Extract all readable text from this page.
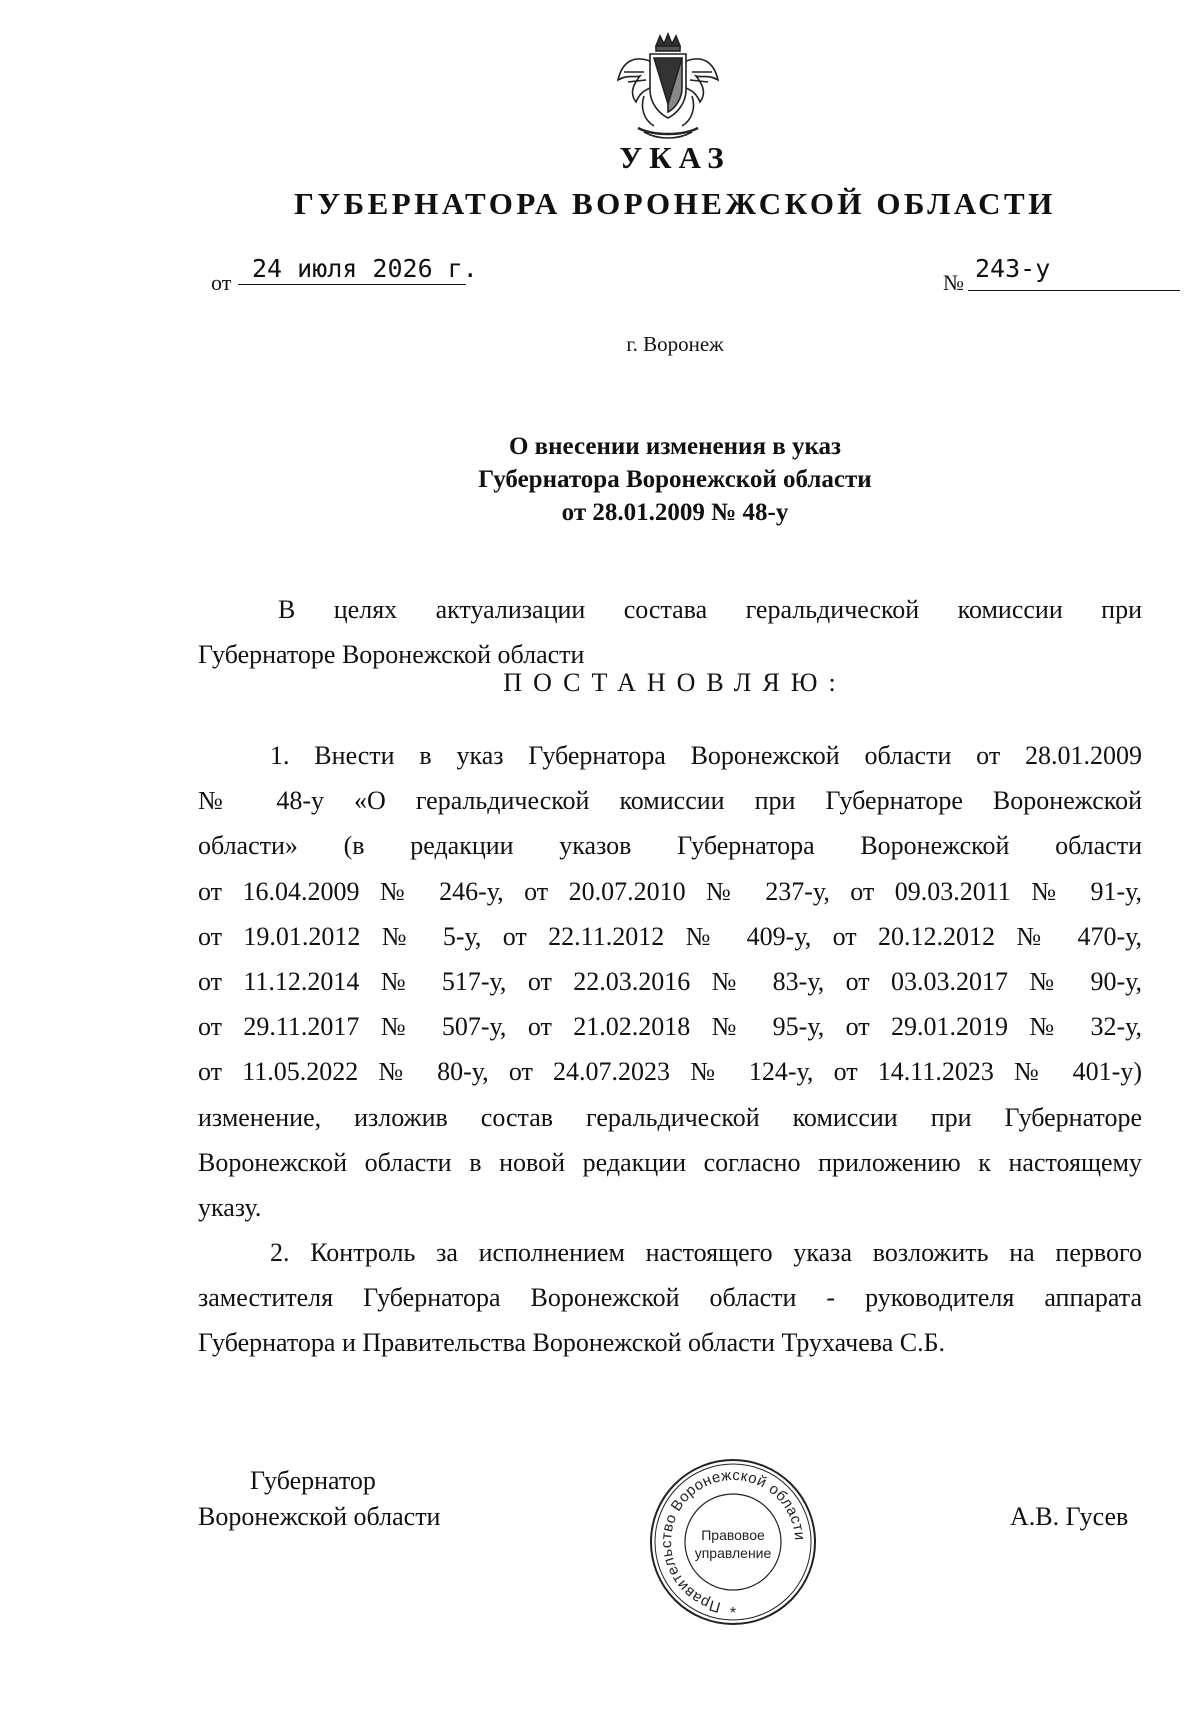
УКАЗ
ГУБЕРНАТОРА ВОРОНЕЖСКОЙ ОБЛАСТИ
от 24 июля 2026 г.	№ 243-у

г. Воронеж

О внесении изменения в указ
Губернатора Воронежской области
от 28.01.2009 № 48-у
В целях актуализации состава геральдической комиссии при
Губернаторе Воронежской области

ПОСТАНОВЛЯЮ:

1. Внести в указ Губернатора Воронежской области от 28.01.2009
№ 48-у «О геральдической комиссии при Губернаторе Воронежской
области» (в редакции указов Губернатора Воронежской области
от 16.04.2009 № 246-у, от 20.07.2010 № 237-у, от 09.03.2011 № 91-у,
от 19.01.2012 № 5-у, от 22.11.2012 № 409-у, от 20.12.2012 № 470-у,
от 11.12.2014 № 517-у, от 22.03.2016 № 83-у, от 03.03.2017 № 90-у,
от 29.11.2017 № 507-у, от 21.02.2018 № 95-у, от 29.01.2019 № 32-у,
от 11.05.2022 № 80-у, от 24.07.2023 № 124-у, от 14.11.2023 № 401-у)
изменение, изложив состав геральдической комиссии при Губернаторе
Воронежской области в новой редакции согласно приложению к настоящему
указу.
2. Контроль за исполнением настоящего указа возложить на первого
заместителя Губернатора Воронежской области - руководителя аппарата
Губернатора и Правительства Воронежской области Трухачева С.Б.
Губернатор
Воронежской области	А.В. Гусев
Правительство Воронежской области
Правовое
управление
*
